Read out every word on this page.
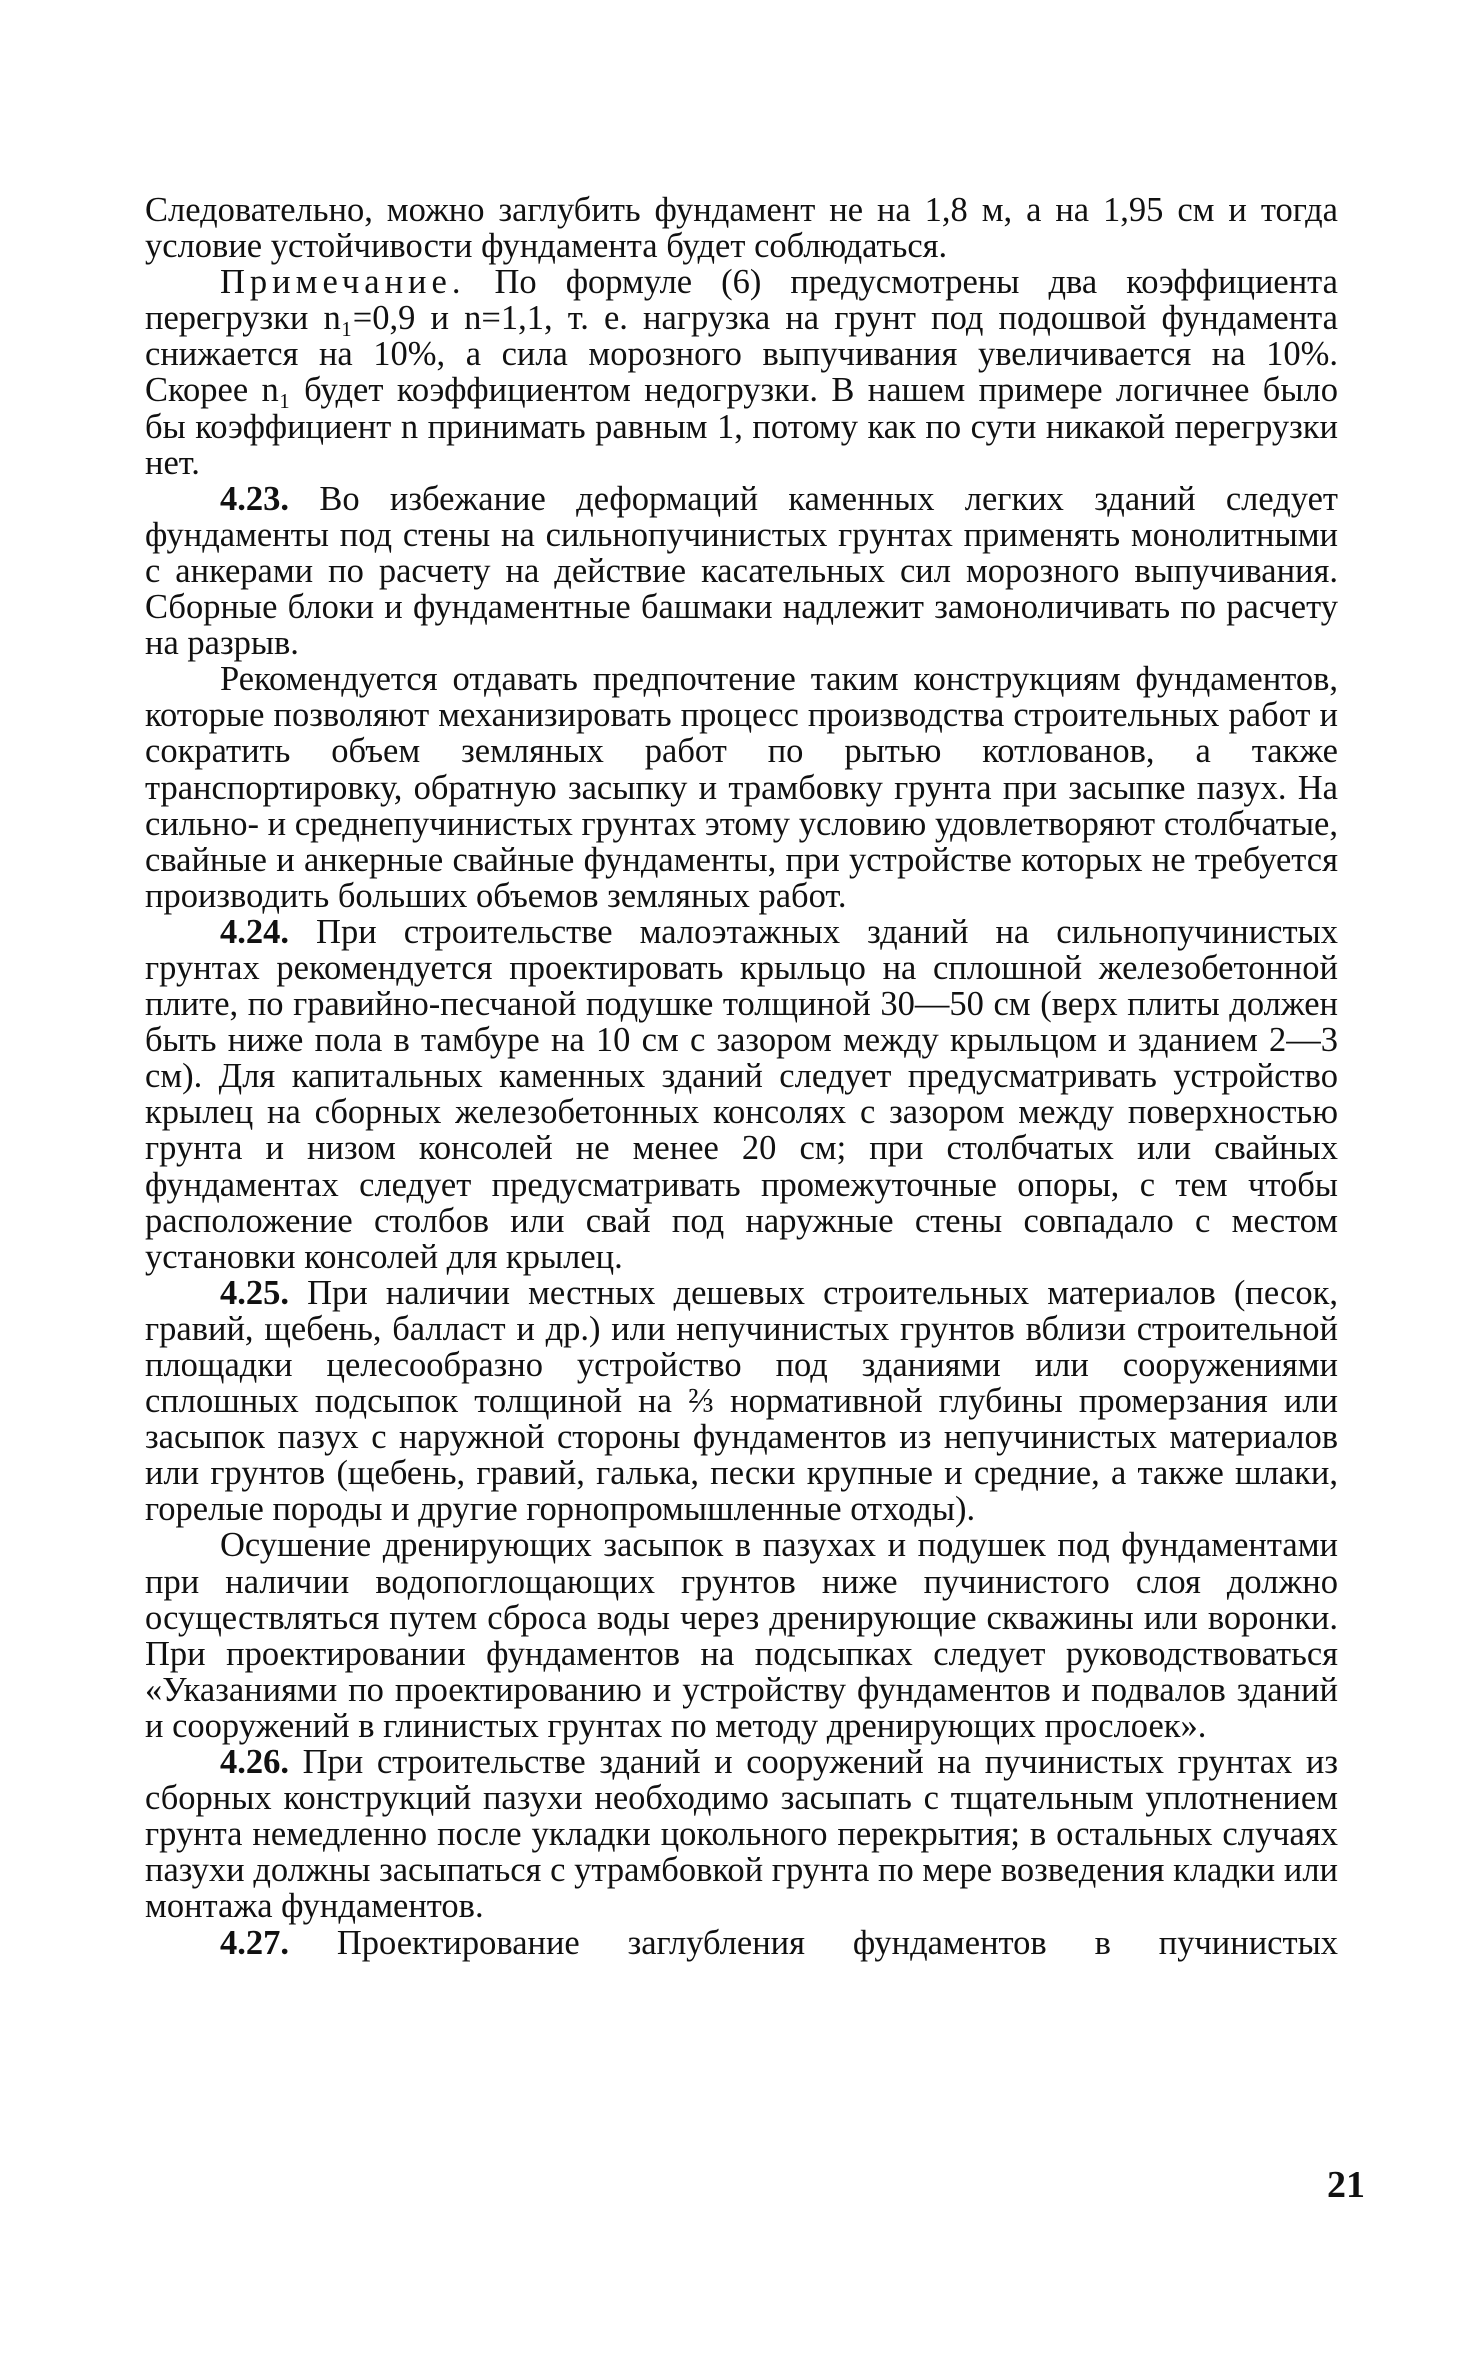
Следовательно, можно заглубить фундамент не на 1,8 м, а на 1,95 см и тогда условие устойчивости фундамента будет соблюдаться.

Примечание. По формуле (6) предусмотрены два коэффициента перегрузки n₁=0,9 и n=1,1, т. е. нагрузка на грунт под подошвой фундамента снижается на 10%, а сила морозного выпучивания увеличивается на 10%. Скорее n₁ будет коэффициентом недогрузки. В нашем примере логичнее было бы коэффициент n принимать равным 1, потому как по сути никакой перегрузки нет.

4.23. Во избежание деформаций каменных легких зданий следует фундаменты под стены на сильнопучинистых грунтах применять монолитными с анкерами по расчету на действие касательных сил морозного выпучивания. Сборные блоки и фундаментные башмаки надлежит замоноличивать по расчету на разрыв.

Рекомендуется отдавать предпочтение таким конструкциям фундаментов, которые позволяют механизировать процесс производства строительных работ и сократить объем земляных работ по рытью котлованов, а также транспортировку, обратную засыпку и трамбовку грунта при засыпке пазух. На сильно- и среднепучинистых грунтах этому условию удовлетворяют столбчатые, свайные и анкерные свайные фундаменты, при устройстве которых не требуется производить больших объемов земляных работ.

4.24. При строительстве малоэтажных зданий на сильнопучинистых грунтах рекомендуется проектировать крыльцо на сплошной железобетонной плите, по гравийно-песчаной подушке толщиной 30—50 см (верх плиты должен быть ниже пола в тамбуре на 10 см с зазором между крыльцом и зданием 2—3 см). Для капитальных каменных зданий следует предусматривать устройство крылец на сборных железобетонных консолях с зазором между поверхностью грунта и низом консолей не менее 20 см; при столбчатых или свайных фундаментах следует предусматривать промежуточные опоры, с тем чтобы расположение столбов или свай под наружные стены совпадало с местом установки консолей для крылец.

4.25. При наличии местных дешевых строительных материалов (песок, гравий, щебень, балласт и др.) или непучинистых грунтов вблизи строительной площадки целесообразно устройство под зданиями или сооружениями сплошных подсыпок толщиной на ⅔ нормативной глубины промерзания или засыпок пазух с наружной стороны фундаментов из непучинистых материалов или грунтов (щебень, гравий, галька, пески крупные и средние, а также шлаки, горелые породы и другие горнопромышленные отходы).

Осушение дренирующих засыпок в пазухах и подушек под фундаментами при наличии водопоглощающих грунтов ниже пучинистого слоя должно осуществляться путем сброса воды через дренирующие скважины или воронки. При проектировании фундаментов на подсыпках следует руководствоваться «Указаниями по проектированию и устройству фундаментов и подвалов зданий и сооружений в глинистых грунтах по методу дренирующих прослоек».

4.26. При строительстве зданий и сооружений на пучинистых грунтах из сборных конструкций пазухи необходимо засыпать с тщательным уплотнением грунта немедленно после укладки цокольного перекрытия; в остальных случаях пазухи должны засыпаться с утрамбовкой грунта по мере возведения кладки или монтажа фундаментов.

4.27. Проектирование заглубления фундаментов в пучинистых

21
